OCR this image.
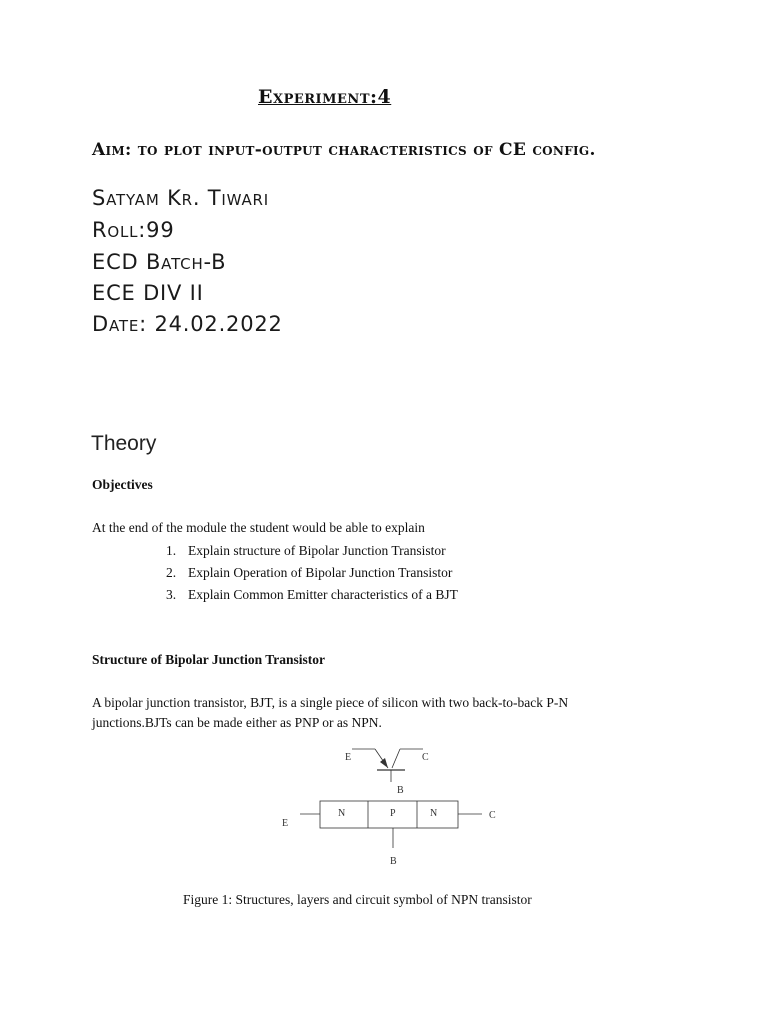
Experiment:4
Aim: to plot input-output characteristics of CE config.
Satyam Kr. Tiwari
Roll:99
ECD Batch-B
ECE DIV II
Date: 24.02.2022
Theory
Objectives
At the end of the module the student would be able to explain
1. Explain structure of Bipolar Junction Transistor
2. Explain Operation of Bipolar Junction Transistor
3. Explain Common Emitter characteristics of a BJT
Structure of Bipolar Junction Transistor
A bipolar junction transistor, BJT, is a single piece of silicon with two back-to-back P-N
junctions.BJTs can be made either as PNP or as NPN.
E	C
B
N	P	N
E
C
B
Figure 1: Structures, layers and circuit symbol of NPN transistor
